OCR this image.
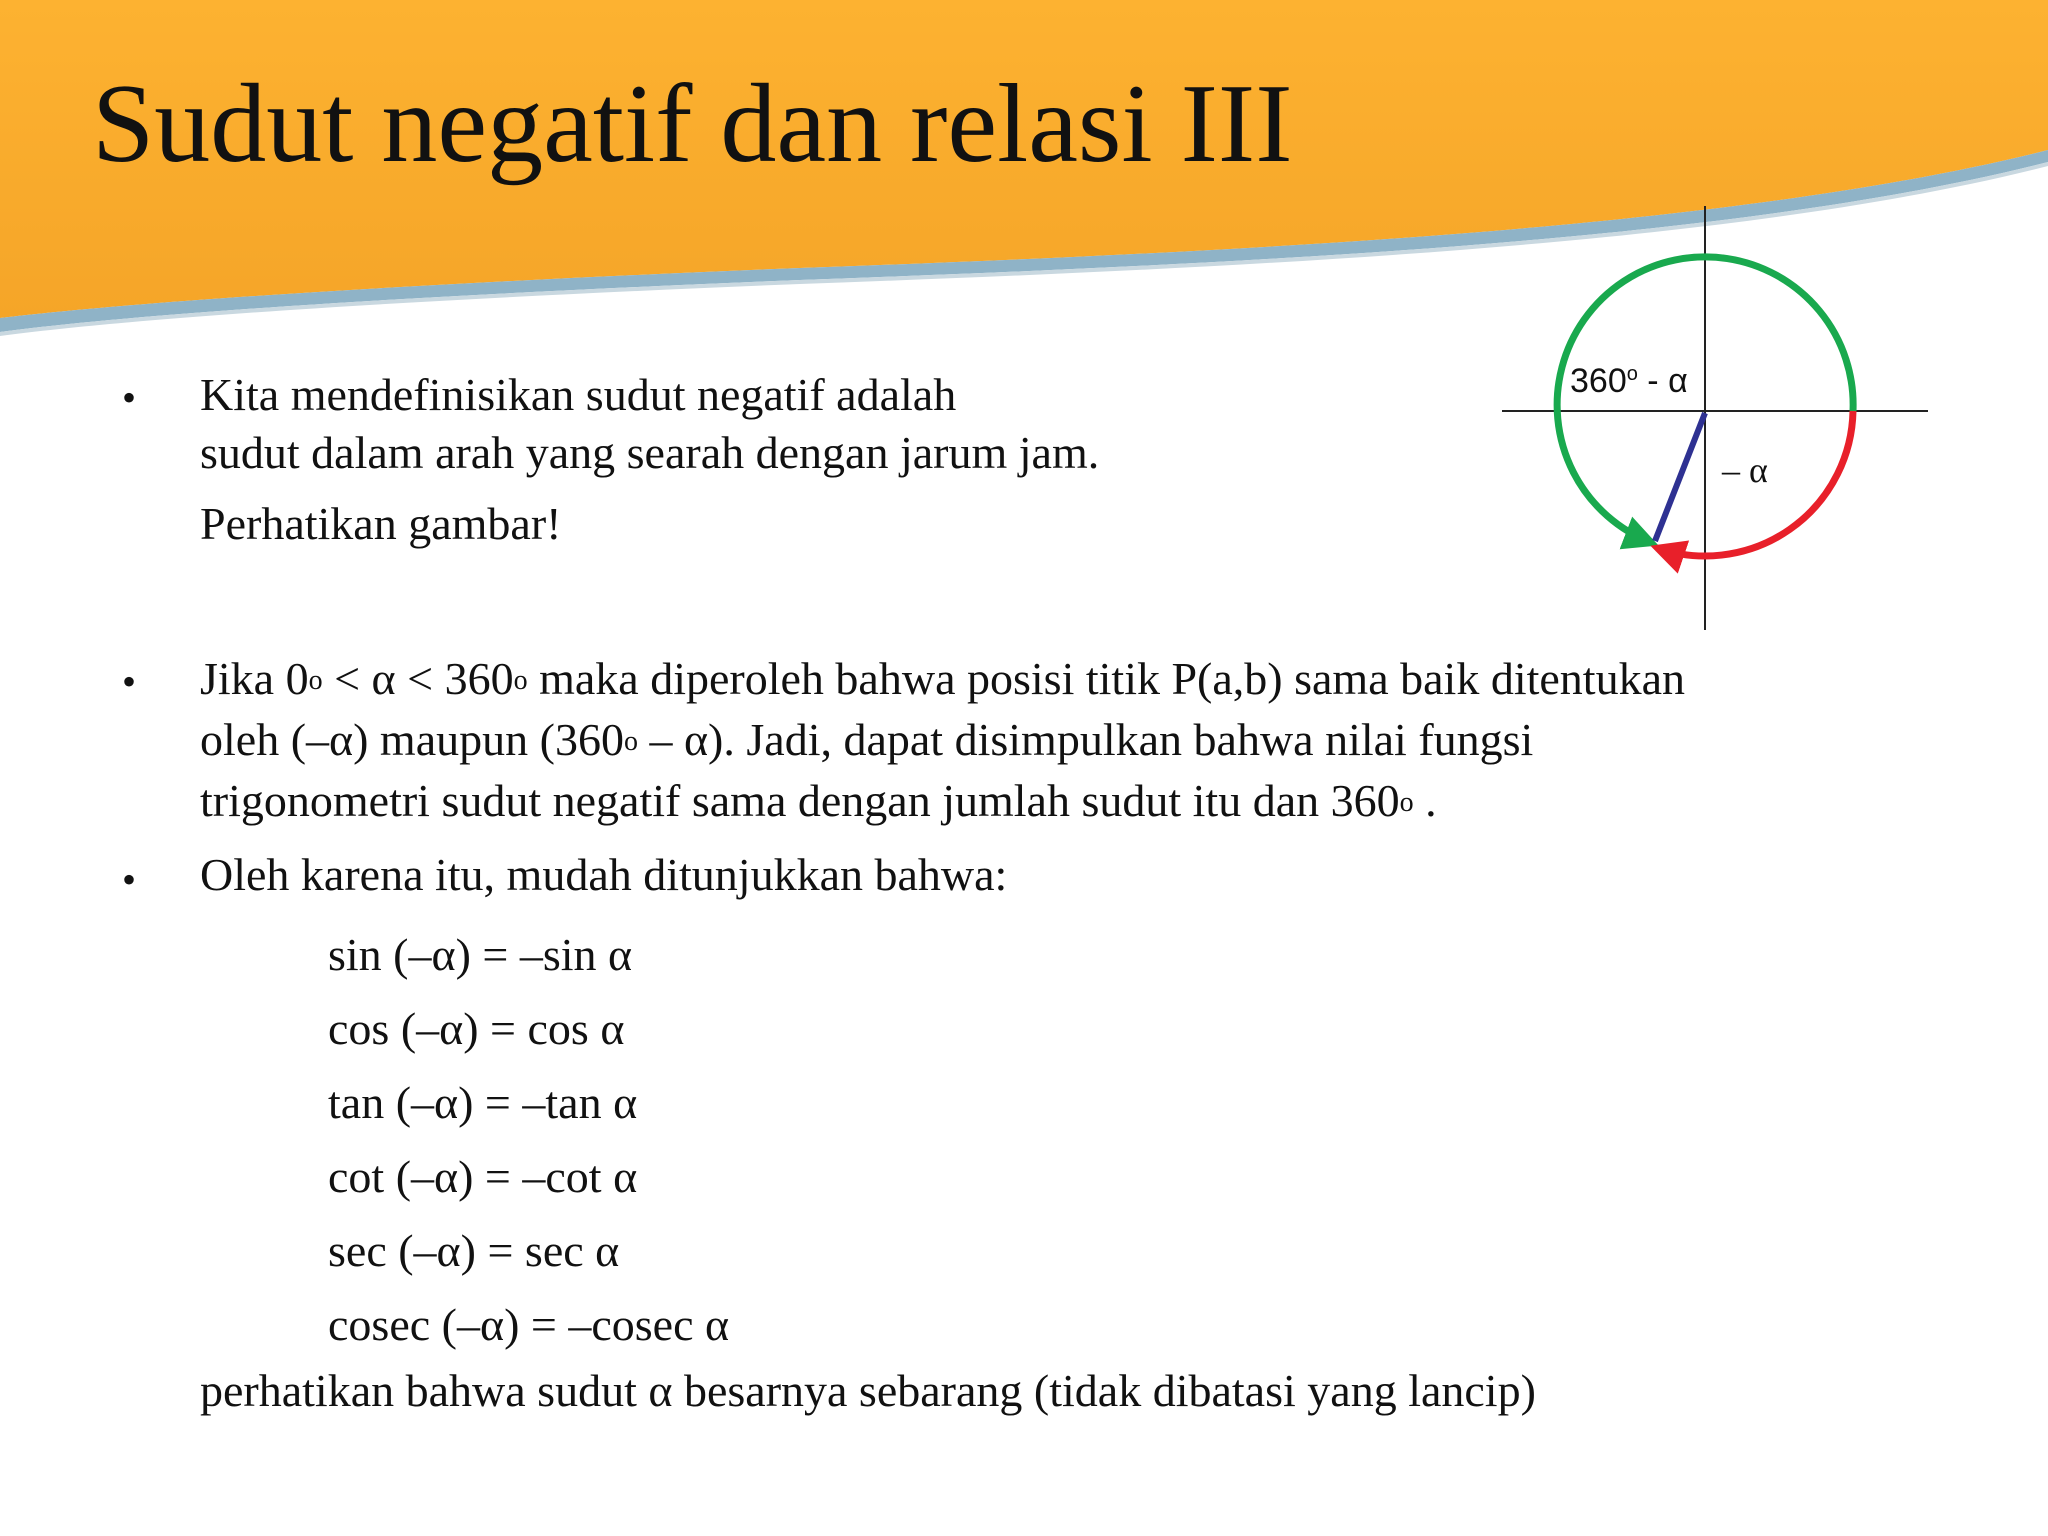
Sudut negatif dan relasi III
360$^o$ - α
– α
• Kita mendefinisikan sudut negatif adalah

sudut dalam arah yang searah dengan jarum jam.

Perhatikan gambar!

• Jika $0^o < \alpha < 360^o$ maka diperoleh bahwa posisi titik P(a,b) sama baik ditentukan

oleh (–α) maupun (360$^o$ – α). Jadi, dapat disimpulkan bahwa nilai fungsi

trigonometri sudut negatif sama dengan jumlah sudut itu dan 360$^o$ .

• Oleh karena itu, mudah ditunjukkan bahwa:

sin (–α) = –sin α

cos (–α) = cos α

tan (–α) = –tan α

cot (–α) = –cot α

sec (–α) = sec α

cosec (–α) = –cosec α

perhatikan bahwa sudut α besarnya sebarang (tidak dibatasi yang lancip)
